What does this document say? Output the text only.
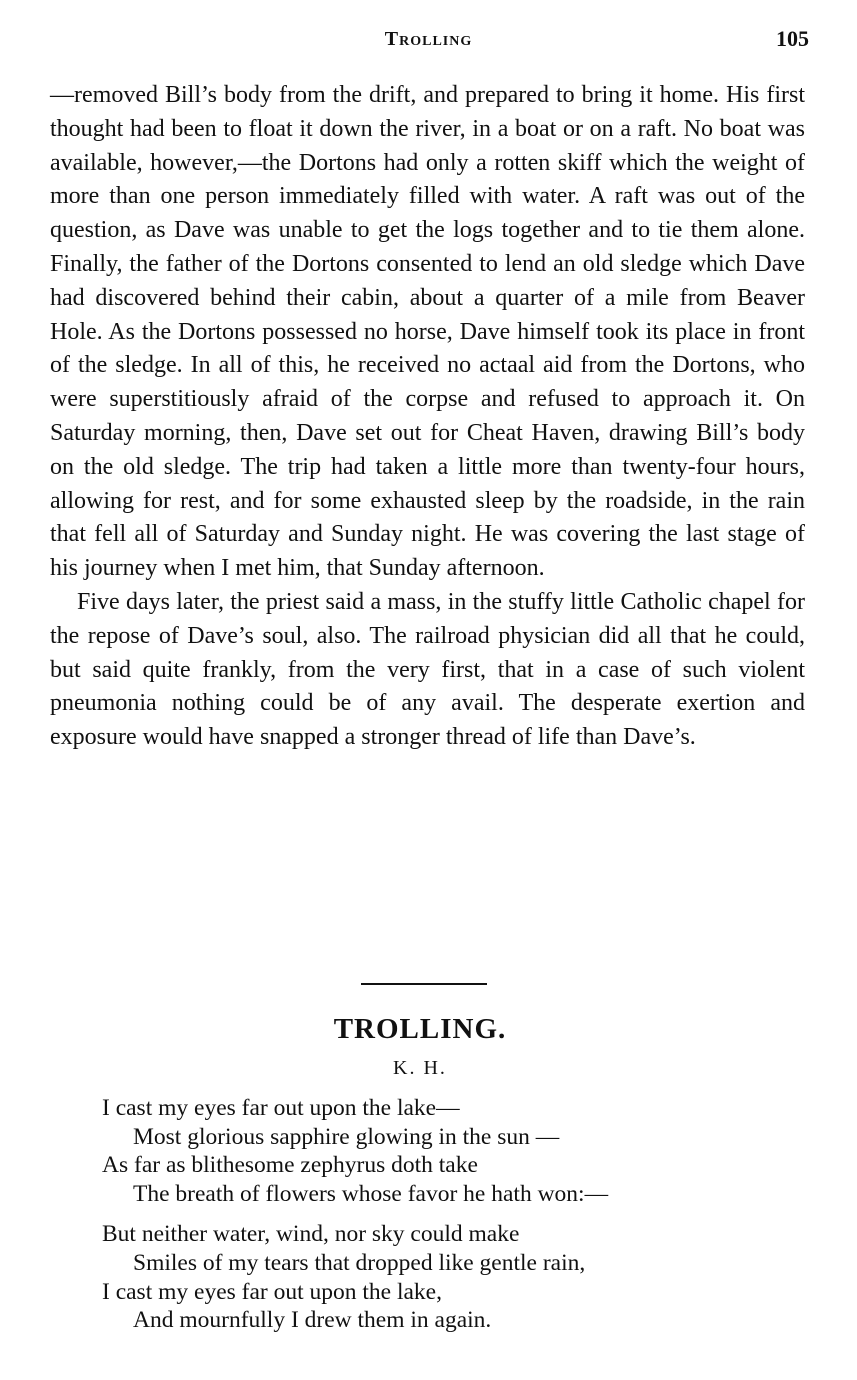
Trolling	105

—removed Bill’s body from the drift, and prepared to bring it home. His first thought had been to float it down the river, in a boat or on a raft. No boat was available, however,—the Dortons had only a rotten skiff which the weight of more than one person immediately filled with water. A raft was out of the question, as Dave was unable to get the logs together and to tie them alone. Finally, the father of the Dortons consented to lend an old sledge which Dave had discovered behind their cabin, about a quarter of a mile from Beaver Hole. As the Dortons possessed no horse, Dave himself took its place in front of the sledge. In all of this, he received no actaal aid from the Dortons, who were superstitiously afraid of the corpse and refused to approach it. On Saturday morning, then, Dave set out for Cheat Haven, drawing Bill’s body on the old sledge. The trip had taken a little more than twenty-four hours, allowing for rest, and for some exhausted sleep by the roadside, in the rain that fell all of Saturday and Sunday night. He was covering the last stage of his journey when I met him, that Sunday afternoon.

Five days later, the priest said a mass, in the stuffy little Catholic chapel for the repose of Dave’s soul, also. The railroad physician did all that he could, but said quite frankly, from the very first, that in a case of such violent pneumonia nothing could be of any avail. The desperate exertion and exposure would have snapped a stronger thread of life than Dave’s.

TROLLING.
K. H.
I cast my eyes far out upon the lake—
Most glorious sapphire glowing in the sun —
As far as blithesome zephyrus doth take
The breath of flowers whose favor he hath won:—
But neither water, wind, nor sky could make
Smiles of my tears that dropped like gentle rain,
I cast my eyes far out upon the lake,
And mournfully I drew them in again.
